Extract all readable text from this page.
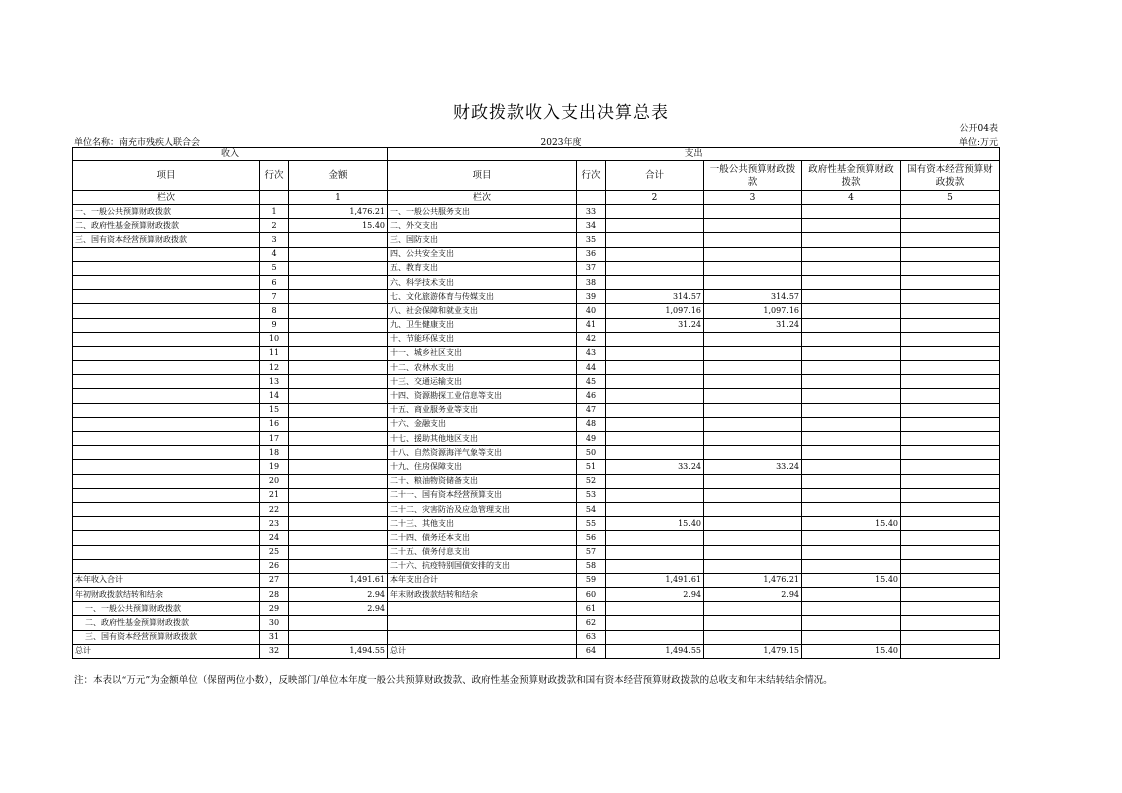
财政拨款收入支出决算总表
公开04表
单位名称：南充市残疾人联合会	2023年度	单位:万元
收入			支出					
项目	行次	金额	项目	行次	合计	一般公共预算财政拨款	政府性基金预算财政拨款	国有资本经营预算财政拨款
栏次		1	栏次		2	3	4	5
一、一般公共预算财政拨款	1	1,476.21	一、一般公共服务支出	33				
二、政府性基金预算财政拨款	2	15.40	二、外交支出	34				
三、国有资本经营预算财政拨款	3		三、国防支出	35				
	4		四、公共安全支出	36				
	5		五、教育支出	37				
	6		六、科学技术支出	38				
	7		七、文化旅游体育与传媒支出	39	314.57	314.57		
	8		八、社会保障和就业支出	40	1,097.16	1,097.16		
	9		九、卫生健康支出	41	31.24	31.24		
	10		十、节能环保支出	42				
	11		十一、城乡社区支出	43				
	12		十二、农林水支出	44				
	13		十三、交通运输支出	45				
	14		十四、资源勘探工业信息等支出	46				
	15		十五、商业服务业等支出	47				
	16		十六、金融支出	48				
	17		十七、援助其他地区支出	49				
	18		十八、自然资源海洋气象等支出	50				
	19		十九、住房保障支出	51	33.24	33.24		
	20		二十、粮油物资储备支出	52				
	21		二十一、国有资本经营预算支出	53				
	22		二十二、灾害防治及应急管理支出	54				
	23		二十三、其他支出	55	15.40		15.40	
	24		二十四、债务还本支出	56				
	25		二十五、债务付息支出	57				
	26		二十六、抗疫特别国债安排的支出	58				
本年收入合计	27	1,491.61	本年支出合计	59	1,491.61	1,476.21	15.40	
年初财政拨款结转和结余	28	2.94	年末财政拨款结转和结余	60	2.94	2.94		
一、一般公共预算财政拨款	29	2.94		61				
二、政府性基金预算财政拨款	30			62				
三、国有资本经营预算财政拨款	31			63				
总计	32	1,494.55	总计	64	1,494.55	1,479.15	15.40	
注：本表以“万元”为金额单位（保留两位小数），反映部门/单位本年度一般公共预算财政拨款、政府性基金预算财政拨款和国有资本经营预算财政拨款的总收支和年末结转结余情况。
